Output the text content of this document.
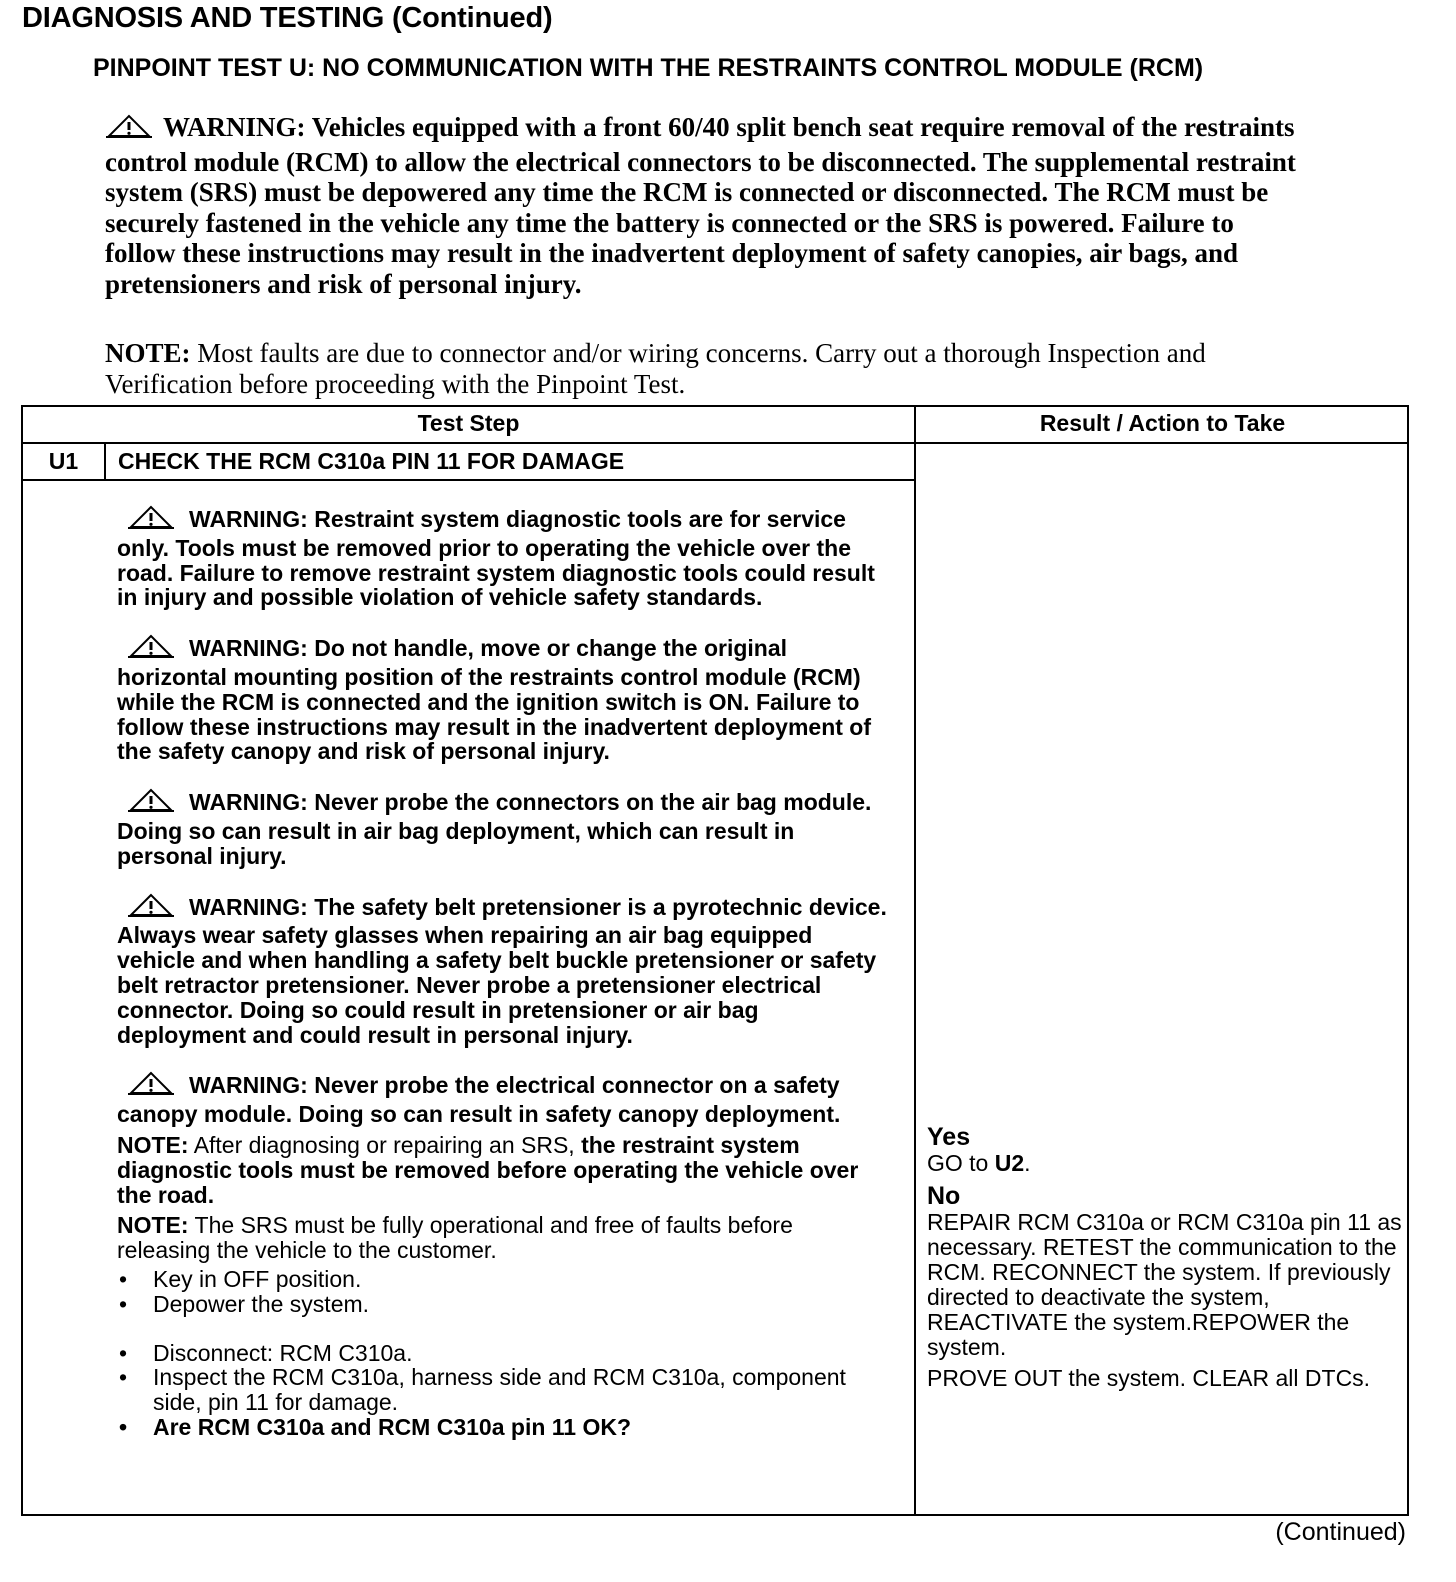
DIAGNOSIS AND TESTING (Continued)
PINPOINT TEST U: NO COMMUNICATION WITH THE RESTRAINTS CONTROL MODULE (RCM)
WARNING: Vehicles equipped with a front 60/40 split bench seat require removal of the restraints control module (RCM) to allow the electrical connectors to be disconnected. The supplemental restraint system (SRS) must be depowered any time the RCM is connected or disconnected. The RCM must be securely fastened in the vehicle any time the battery is connected or the SRS is powered. Failure to follow these instructions may result in the inadvertent deployment of safety canopies, air bags, and pretensioners and risk of personal injury.
NOTE: Most faults are due to connector and/or wiring concerns. Carry out a thorough Inspection and Verification before proceeding with the Pinpoint Test.
Test Step	Result / Action to Take
U1	CHECK THE RCM C310a PIN 11 FOR DAMAGE
WARNING: Restraint system diagnostic tools are for service only. Tools must be removed prior to operating the vehicle over the road. Failure to remove restraint system diagnostic tools could result in injury and possible violation of vehicle safety standards.
WARNING: Do not handle, move or change the original horizontal mounting position of the restraints control module (RCM) while the RCM is connected and the ignition switch is ON. Failure to follow these instructions may result in the inadvertent deployment of the safety canopy and risk of personal injury.
WARNING: Never probe the connectors on the air bag module. Doing so can result in air bag deployment, which can result in personal injury.
WARNING: The safety belt pretensioner is a pyrotechnic device. Always wear safety glasses when repairing an air bag equipped vehicle and when handling a safety belt buckle pretensioner or safety belt retractor pretensioner. Never probe a pretensioner electrical connector. Doing so could result in pretensioner or air bag deployment and could result in personal injury.
WARNING: Never probe the electrical connector on a safety canopy module. Doing so can result in safety canopy deployment.
NOTE: After diagnosing or repairing an SRS, the restraint system diagnostic tools must be removed before operating the vehicle over the road.
NOTE: The SRS must be fully operational and free of faults before releasing the vehicle to the customer.
• Key in OFF position.
• Depower the system.
• Disconnect: RCM C310a.
• Inspect the RCM C310a, harness side and RCM C310a, component side, pin 11 for damage.
• Are RCM C310a and RCM C310a pin 11 OK?
Yes
GO to U2.
No
REPAIR RCM C310a or RCM C310a pin 11 as necessary. RETEST the communication to the RCM. RECONNECT the system. If previously directed to deactivate the system, REACTIVATE the system.REPOWER the system.
PROVE OUT the system. CLEAR all DTCs.
(Continued)
